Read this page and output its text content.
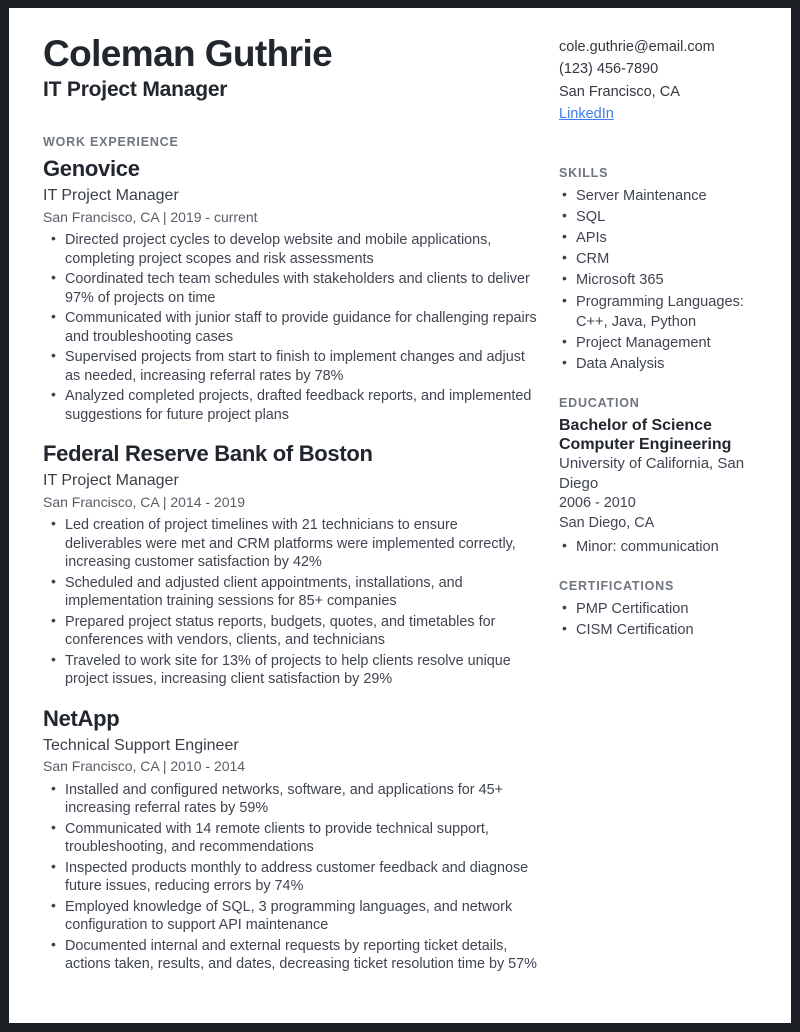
Coleman Guthrie
IT Project Manager
WORK EXPERIENCE
Genovice
IT Project Manager
San Francisco, CA | 2019 - current
• Directed project cycles to develop website and mobile applications, completing project scopes and risk assessments
• Coordinated tech team schedules with stakeholders and clients to deliver 97% of projects on time
• Communicated with junior staff to provide guidance for challenging repairs and troubleshooting cases
• Supervised projects from start to finish to implement changes and adjust as needed, increasing referral rates by 78%
• Analyzed completed projects, drafted feedback reports, and implemented suggestions for future project plans
Federal Reserve Bank of Boston
IT Project Manager
San Francisco, CA | 2014 - 2019
• Led creation of project timelines with 21 technicians to ensure deliverables were met and CRM platforms were implemented correctly, increasing customer satisfaction by 42%
• Scheduled and adjusted client appointments, installations, and implementation training sessions for 85+ companies
• Prepared project status reports, budgets, quotes, and timetables for conferences with vendors, clients, and technicians
• Traveled to work site for 13% of projects to help clients resolve unique project issues, increasing client satisfaction by 29%
NetApp
Technical Support Engineer
San Francisco, CA | 2010 - 2014
• Installed and configured networks, software, and applications for 45+ increasing referral rates by 59%
• Communicated with 14 remote clients to provide technical support, troubleshooting, and recommendations
• Inspected products monthly to address customer feedback and diagnose future issues, reducing errors by 74%
• Employed knowledge of SQL, 3 programming languages, and network configuration to support API maintenance
• Documented internal and external requests by reporting ticket details, actions taken, results, and dates, decreasing ticket resolution time by 57%
cole.guthrie@email.com
(123) 456-7890
San Francisco, CA
LinkedIn
SKILLS
• Server Maintenance
• SQL
• APIs
• CRM
• Microsoft 365
• Programming Languages: C++, Java, Python
• Project Management
• Data Analysis
EDUCATION
Bachelor of Science
Computer Engineering
University of California, San Diego
2006 - 2010
San Diego, CA
• Minor: communication
CERTIFICATIONS
• PMP Certification
• CISM Certification
